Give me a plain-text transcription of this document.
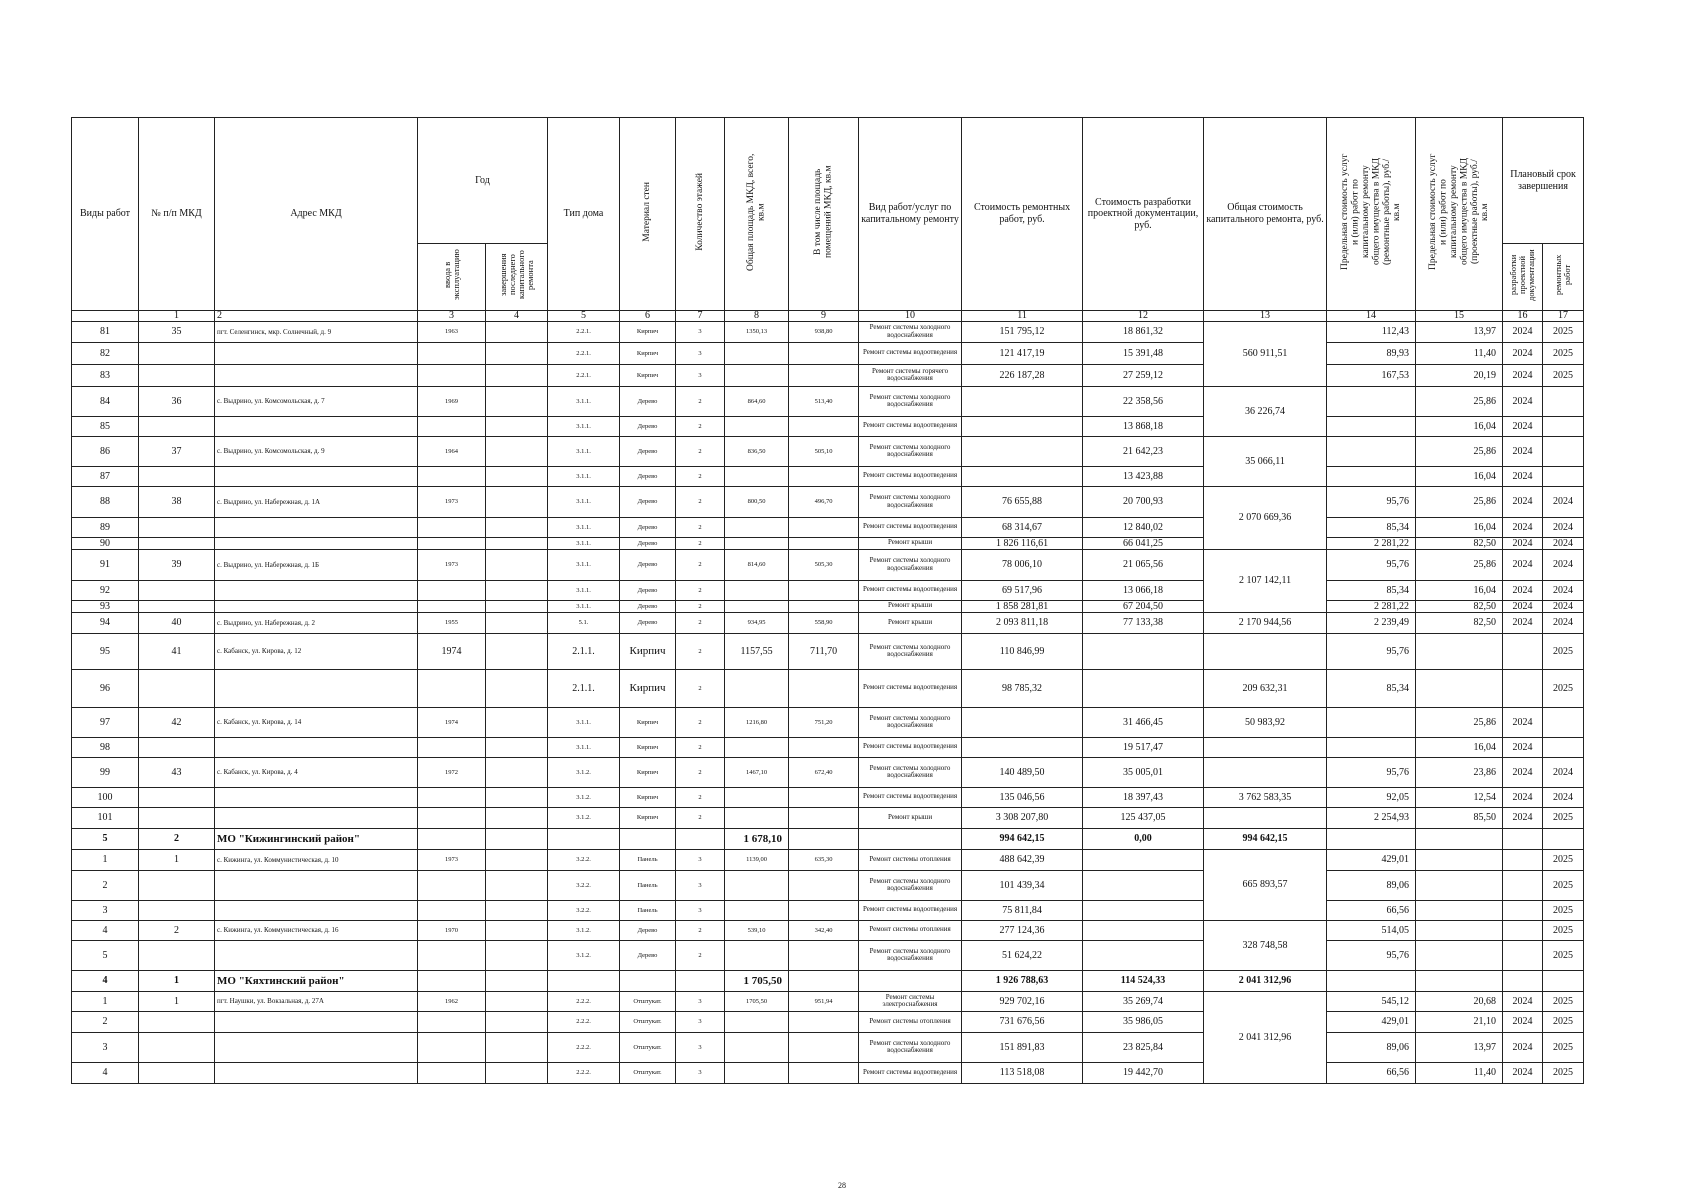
Виды работ	№ п/п МКД	Адрес МКД	Год		Тип дома	Материал стен	Количество этажей	Общая площадь МКД, всего, кв.м	В том числе площадь помещений МКД, кв.м	Вид работ/услуг по капитальному ремонту	Стоимость ремонтных работ, руб.	Стоимость разработки проектной документации, руб.	Общая стоимость капитального ремонта, руб.	Предельная стоимость услуг и (или) работ по капитальному ремонту общего имущества в МКД (ремонтные работы), руб./кв.м	Предельная стоимость услуг и (или) работ по капитальному ремонту общего имущества в МКД (проектные работы), руб./кв.м	Плановый срок завершения	
			ввода в эксплуатацию	завершения последнего капитального ремонта												разработки проектной документации	ремонтных работ
	1	2	3	4	5	6	7	8	9	10	11	12	13	14	15	16	17
81	35	пгт. Селенгинск, мкр. Солнечный, д. 9	1963		2.2.1.	Кирпич	3	1350,13	938,80	Ремонт системы холодного водоснабжения	151 795,12	18 861,32	560 911,51	112,43	13,97	2024	2025
82					2.2.1.	Кирпич	3			Ремонт системы водоотведения	121 417,19	15 391,48		89,93	11,40	2024	2025
83					2.2.1.	Кирпич	3			Ремонт системы горячего водоснабжения	226 187,28	27 259,12		167,53	20,19	2024	2025
84	36	с. Выдрино, ул. Комсомольская, д. 7	1969		3.1.1.	Дерево	2	864,60	513,40	Ремонт системы холодного водоснабжения		22 358,56	36 226,74		25,86	2024	
85					3.1.1.	Дерево	2			Ремонт системы водоотведения		13 868,18			16,04	2024	
86	37	с. Выдрино, ул. Комсомольская, д. 9	1964		3.1.1.	Дерево	2	836,50	505,10	Ремонт системы холодного водоснабжения		21 642,23	35 066,11		25,86	2024	
87					3.1.1.	Дерево	2			Ремонт системы водоотведения		13 423,88			16,04	2024	
88	38	с. Выдрино, ул. Набережная, д. 1А	1973		3.1.1.	Дерево	2	800,50	496,70	Ремонт системы холодного водоснабжения	76 655,88	20 700,93	2 070 669,36	95,76	25,86	2024	2024
89					3.1.1.	Дерево	2			Ремонт системы водоотведения	68 314,67	12 840,02		85,34	16,04	2024	2024
90					3.1.1.	Дерево	2			Ремонт крыши	1 826 116,61	66 041,25		2 281,22	82,50	2024	2024
91	39	с. Выдрино, ул. Набережная, д. 1Б	1973		3.1.1.	Дерево	2	814,60	505,30	Ремонт системы холодного водоснабжения	78 006,10	21 065,56	2 107 142,11	95,76	25,86	2024	2024
92					3.1.1.	Дерево	2			Ремонт системы водоотведения	69 517,96	13 066,18		85,34	16,04	2024	2024
93					3.1.1.	Дерево	2			Ремонт крыши	1 858 281,81	67 204,50		2 281,22	82,50	2024	2024
94	40	с. Выдрино, ул. Набережная, д. 2	1955		5.1.	Дерево	2	934,95	558,90	Ремонт крыши	2 093 811,18	77 133,38	2 170 944,56	2 239,49	82,50	2024	2024
95	41	с. Кабанск, ул. Кирова, д. 12	1974		2.1.1.	Кирпич	2	1157,55	711,70	Ремонт системы холодного водоснабжения	110 846,99			95,76			2025
96					2.1.1.	Кирпич	2			Ремонт системы водоотведения	98 785,32		209 632,31	85,34			2025
97	42	с. Кабанск, ул. Кирова, д. 14	1974		3.1.1.	Кирпич	2	1216,80	751,20	Ремонт системы холодного водоснабжения		31 466,45	50 983,92		25,86	2024	
98					3.1.1.	Кирпич	2			Ремонт системы водоотведения		19 517,47			16,04	2024	
99	43	с. Кабанск, ул. Кирова, д. 4	1972		3.1.2.	Кирпич	2	1467,10	672,40	Ремонт системы холодного водоснабжения	140 489,50	35 005,01		95,76	23,86	2024	2024
100					3.1.2.	Кирпич	2			Ремонт системы водоотведения	135 046,56	18 397,43	3 762 583,35	92,05	12,54	2024	2024
101					3.1.2.	Кирпич	2			Ремонт крыши	3 308 207,80	125 437,05		2 254,93	85,50	2024	2025
5	2	МО "Кижингинский район"						1 678,10			994 642,15	0,00	994 642,15				
1	1	с. Кижинга, ул. Коммунистическая, д. 10	1973		3.2.2.	Панель	3	1139,00	635,30	Ремонт системы отопления	488 642,39		665 893,57	429,01			2025
2					3.2.2.	Панель	3			Ремонт системы холодного водоснабжения	101 439,34			89,06			2025
3					3.2.2.	Панель	3			Ремонт системы водоотведения	75 811,84			66,56			2025
4	2	с. Кижинга, ул. Коммунистическая, д. 16	1970		3.1.2.	Дерево	2	539,10	342,40	Ремонт системы отопления	277 124,36		328 748,58	514,05			2025
5					3.1.2.	Дерево	2			Ремонт системы холодного водоснабжения	51 624,22			95,76			2025
4	1	МО "Кяхтинский район"						1 705,50			1 926 788,63	114 524,33	2 041 312,96				
1	1	пгт. Наушки, ул. Вокзальная, д. 27А	1962		2.2.2.	Отштукат.	3	1705,50	951,94	Ремонт системы электроснабжения	929 702,16	35 269,74	2 041 312,96	545,12	20,68	2024	2025
2					2.2.2.	Отштукат.	3			Ремонт системы отопления	731 676,56	35 986,05		429,01	21,10	2024	2025
3					2.2.2.	Отштукат.	3			Ремонт системы холодного водоснабжения	151 891,83	23 825,84		89,06	13,97	2024	2025
4					2.2.2.	Отштукат.	3			Ремонт системы водоотведения	113 518,08	19 442,70		66,56	11,40	2024	2025
28
